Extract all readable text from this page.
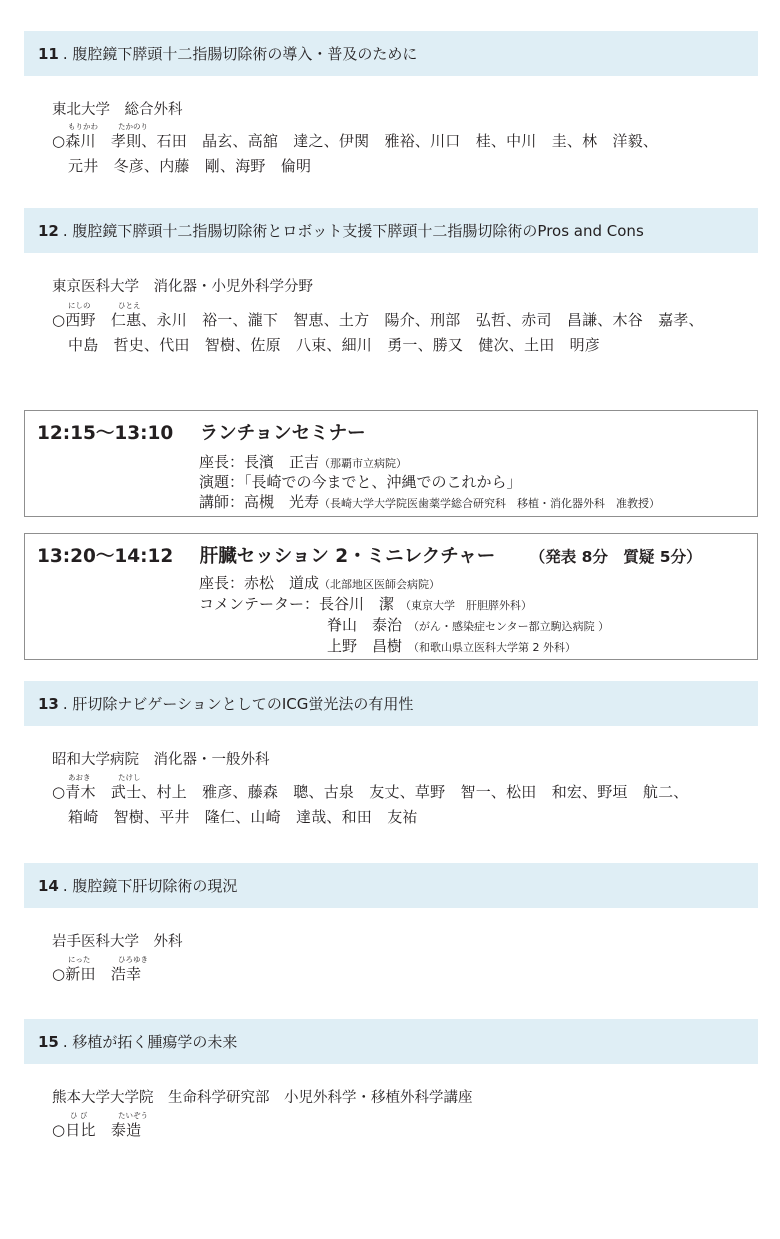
11 . 腹腔鏡下膵頭十二指腸切除術の導入・普及のために
東北大学　総合外科
もりかわ	たかのり
○森川　孝則、石田　晶玄、高舘　達之、伊関　雅裕、川口　桂、中川　圭、林　洋毅、
元井　冬彦、内藤　剛、海野　倫明
12 . 腹腔鏡下膵頭十二指腸切除術とロボット支援下膵頭十二指腸切除術のPros and Cons
東京医科大学　消化器・小児外科学分野
にしの	ひとえ
○西野　仁惠、永川　裕一、瀧下　智恵、土方　陽介、刑部　弘哲、赤司　昌謙、木谷　嘉孝、
中島　哲史、代田　智樹、佐原　八束、細川　勇一、勝又　健次、土田　明彦
12:15～13:10 ランチョンセミナー
座長：長濱　正吉（那覇市立病院）
演題：「長崎での今までと、沖縄でのこれから」
講師：高槻　光寿（長崎大学大学院医歯薬学総合研究科　移植・消化器外科　准教授）
13:20～14:12 肝臓セッション 2・ミニレクチャー （発表 8分　質疑 5分）
座長：赤松　道成（北部地区医師会病院）
コメンテーター：長谷川　潔 （東京大学　肝胆膵外科）
脊山　泰治 （がん・感染症センター都立駒込病院 ）
上野　昌樹 （和歌山県立医科大学第 2 外科）
13 . 肝切除ナビゲーションとしてのICG蛍光法の有用性
昭和大学病院　消化器・一般外科
あおき	たけし
○青木　武士、村上　雅彦、藤森　聰、古泉　友丈、草野　智一、松田　和宏、野垣　航二、
箱崎　智樹、平井　隆仁、山崎　達哉、和田　友祐
14 . 腹腔鏡下肝切除術の現況
岩手医科大学　外科
にった	ひろゆき
○新田　浩幸
15 . 移植が拓く腫瘍学の未来
熊本大学大学院　生命科学研究部　小児外科学・移植外科学講座
ひ び	たいぞう
○日比　泰造
